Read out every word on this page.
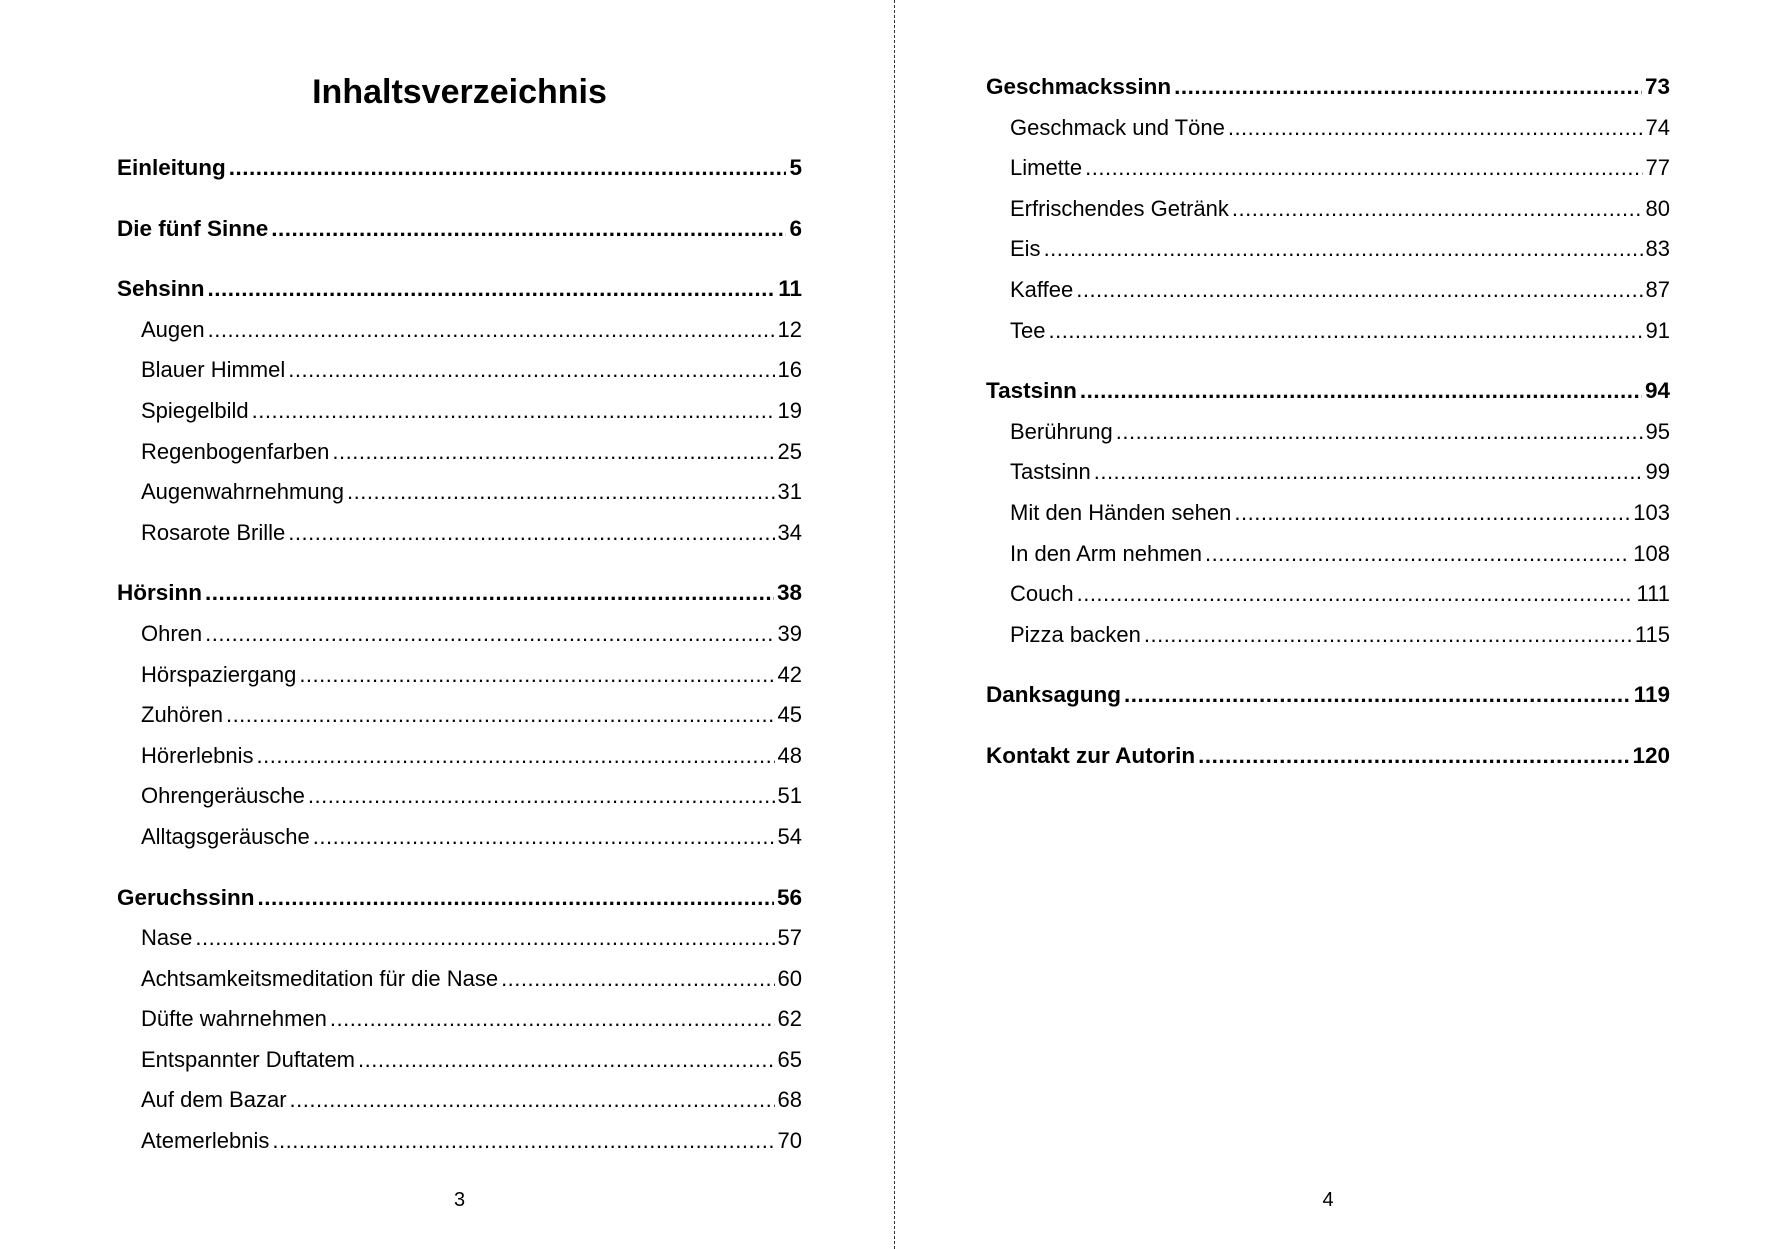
Inhaltsverzeichnis
Einleitung .....	5
Die fünf Sinne .....	6
Sehsinn .....	11
Augen .....	12
Blauer Himmel .....	16
Spiegelbild .....	19
Regenbogenfarben .....	25
Augenwahrnehmung .....	31
Rosarote Brille .....	34
Hörsinn .....	38
Ohren .....	39
Hörspaziergang .....	42
Zuhören .....	45
Hörerlebnis .....	48
Ohrengeräusche .....	51
Alltagsgeräusche .....	54
Geruchssinn .....	56
Nase .....	57
Achtsamkeitsmeditation für die Nase .....	60
Düfte wahrnehmen .....	62
Entspannter Duftatem .....	65
Auf dem Bazar .....	68
Atemerlebnis .....	70
3
Geschmackssinn .....	73
Geschmack und Töne .....	74
Limette .....	77
Erfrischendes Getränk .....	80
Eis .....	83
Kaffee .....	87
Tee .....	91
Tastsinn .....	94
Berührung .....	95
Tastsinn .....	99
Mit den Händen sehen .....	103
In den Arm nehmen .....	108
Couch .....	111
Pizza backen .....	115
Danksagung .....	119
Kontakt zur Autorin .....	120
4
